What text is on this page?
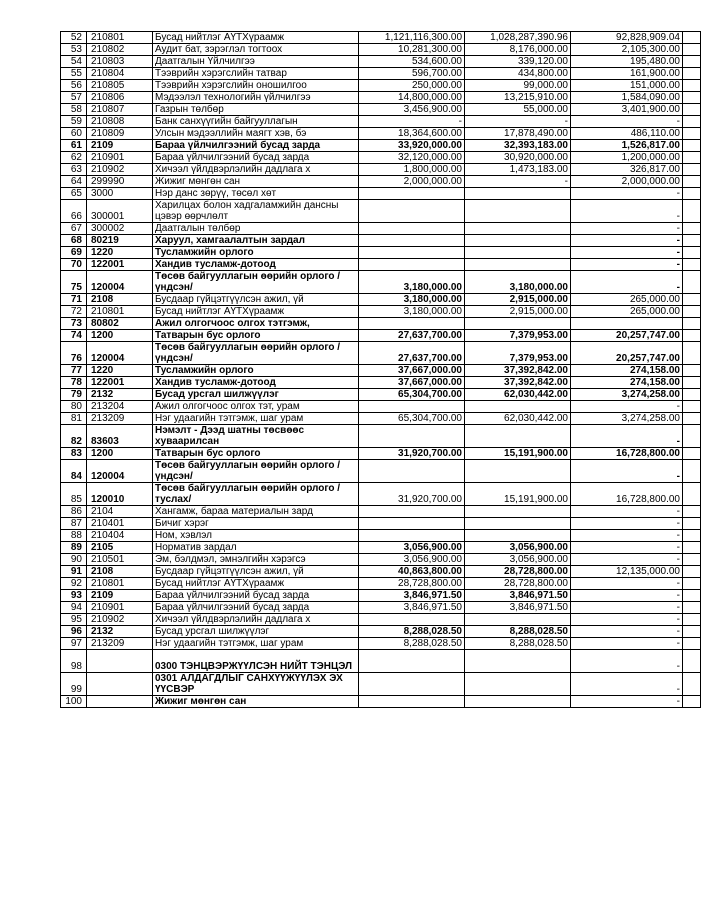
52	210801	Бусад нийтлэг АҮТХүраамж	1,121,116,300.00	1,028,287,390.96	92,828,909.04	
53	210802	Аудит бат, зэрэглэл тогтоох	10,281,300.00	8,176,000.00	2,105,300.00	
54	210803	Даатгалын Үйлчилгээ	534,600.00	339,120.00	195,480.00	
55	210804	Тээврийн хэрэгслийн татвар	596,700.00	434,800.00	161,900.00	
56	210805	Тээврийн хэрэгслийн оношилгоо	250,000.00	99,000.00	151,000.00	
57	210806	Мэдээлэл технологийн үйлчилгээ	14,800,000.00	13,215,910.00	1,584,090.00	
58	210807	Газрын төлбөр	3,456,900.00	55,000.00	3,401,900.00	
59	210808	Банк санхүүгийн байгууллагын	-	-	-	
60	210809	Улсын мэдээллийн маягт хэв, бэ	18,364,600.00	17,878,490.00	486,110.00	
61	2109	Бараа үйлчилгээний бусад зарда	33,920,000.00	32,393,183.00	1,526,817.00	
62	210901	Бараа үйлчилгээний бусад зарда	32,120,000.00	30,920,000.00	1,200,000.00	
63	210902	Хичээл үйлдвэрлэлийн дадлага х	1,800,000.00	1,473,183.00	326,817.00	
64	299990	Жижиг мөнгөн сан	2,000,000.00	-	2,000,000.00	
65	3000	Нэр данс зөрүү, төсөл хөт			-	
66	300001	Харилцах болон хадгаламжийн дансны цэвэр өөрчлөлт			-	
67	300002	Даатгалын төлбөр			-	
68	80219	Харуул, хамгаалалтын зардал			-	
69	1220	Тусламжийн орлого			-	
70	122001	Хандив тусламж-дотоод			-	
75	120004	Төсөв байгууллагын өөрийн орлого /үндсэн/	3,180,000.00	3,180,000.00	-	
71	2108	Бусдаар гүйцэтгүүлсэн ажил, үй	3,180,000.00	2,915,000.00	265,000.00	
72	210801	Бусад нийтлэг АҮТХүраамж	3,180,000.00	2,915,000.00	265,000.00	
73	80802	Ажил олгогчоос олгох тэтгэмж,				
74	1200	Татварын бус орлого	27,637,700.00	7,379,953.00	20,257,747.00	
76	120004	Төсөв байгууллагын өөрийн орлого /үндсэн/	27,637,700.00	7,379,953.00	20,257,747.00	
77	1220	Тусламжийн орлого	37,667,000.00	37,392,842.00	274,158.00	
78	122001	Хандив тусламж-дотоод	37,667,000.00	37,392,842.00	274,158.00	
79	2132	Бусад урсгал шилжүүлэг	65,304,700.00	62,030,442.00	3,274,258.00	
80	213204	Ажил олгогчоос олгох тэт, урам			-	
81	213209	Нэг удаагийн тэтгэмж, шаг урам	65,304,700.00	62,030,442.00	3,274,258.00	
82	83603	Нэмэлт - Дээд шатны төсвөөс хуваарилсан			-	
83	1200	Татварын бус орлого	31,920,700.00	15,191,900.00	16,728,800.00	
84	120004	Төсөв байгууллагын өөрийн орлого /үндсэн/			-	
85	120010	Төсөв байгууллагын өөрийн орлого /туслах/	31,920,700.00	15,191,900.00	16,728,800.00	
86	2104	Хангамж, бараа материалын зард			-	
87	210401	Бичиг хэрэг			-	
88	210404	Ном, хэвлэл			-	
89	2105	Норматив зардал	3,056,900.00	3,056,900.00	-	
90	210501	Эм, бэлдмэл, эмнэлгийн хэрэгсэ	3,056,900.00	3,056,900.00	-	
91	2108	Бусдаар гүйцэтгүүлсэн ажил, үй	40,863,800.00	28,728,800.00	12,135,000.00	
92	210801	Бусад нийтлэг АҮТХүраамж	28,728,800.00	28,728,800.00	-	
93	2109	Бараа үйлчилгээний бусад зарда	3,846,971.50	3,846,971.50	-	
94	210901	Бараа үйлчилгээний бусад зарда	3,846,971.50	3,846,971.50	-	
95	210902	Хичээл үйлдвэрлэлийн дадлага х			-	
96	2132	Бусад урсгал шилжүүлэг	8,288,028.50	8,288,028.50	-	
97	213209	Нэг удаагийн тэтгэмж, шаг урам	8,288,028.50	8,288,028.50	-	
98		0300 ТЭНЦВЭРЖҮҮЛСЭН НИЙТ ТЭНЦЭЛ			-	
99		0301 АЛДАГДЛЫГ САНХҮҮЖҮҮЛЭХ ЭХ ҮҮСВЭР			-	
100		Жижиг мөнгөн сан			-	
